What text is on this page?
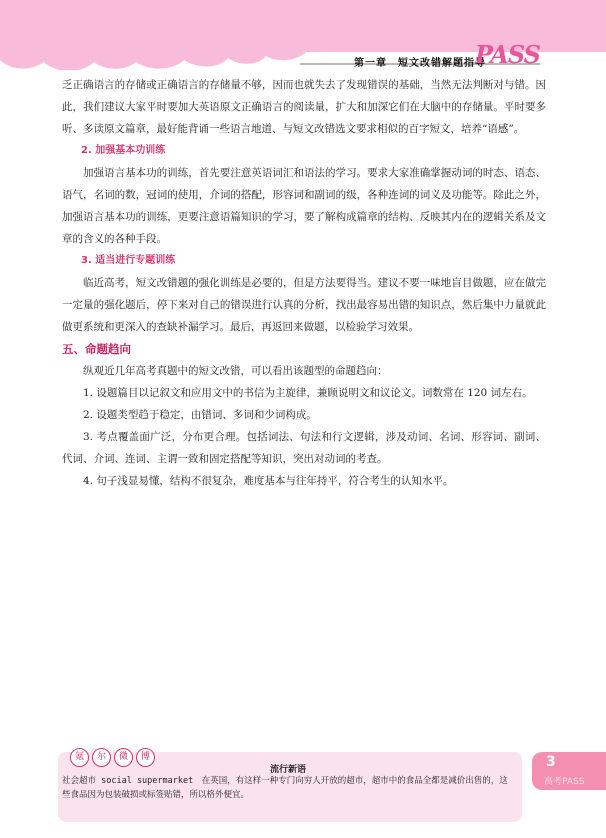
第一章　短文改错解题指导
PASS

乏正确语言的存储或正确语言的存储量不够，因而也就失去了发现错误的基础，当然无法判断对与错。因此，我们建议大家平时要加大英语原文正确语言的阅读量，扩大和加深它们在大脑中的存储量。平时要多听、多读原文篇章，最好能背诵一些语言地道、与短文改错选文要求相似的百字短文，培养“语感”。

2. 加强基本功训练

加强语言基本功的训练，首先要注意英语词汇和语法的学习。要求大家准确掌握动词的时态、语态、语气，名词的数，冠词的使用，介词的搭配，形容词和副词的级，各种连词的词义及功能等。除此之外，加强语言基本功的训练，更要注意语篇知识的学习，要了解构成篇章的结构、反映其内在的逻辑关系及文章的含义的各种手段。

3. 适当进行专题训练

临近高考，短文改错题的强化训练是必要的，但是方法要得当。建议不要一味地盲目做题，应在做完一定量的强化题后，停下来对自己的错误进行认真的分析，找出最容易出错的知识点，然后集中力量就此做更系统和更深入的查缺补漏学习。最后，再返回来做题，以检验学习效果。

五、命题趋向

纵观近几年高考真题中的短文改错，可以看出该题型的命题趋向：

1. 设题篇目以记叙文和应用文中的书信为主旋律，兼顾说明文和议论文。词数常在 120 词左右。

2. 设题类型趋于稳定，由错词、多词和少词构成。

3. 考点覆盖面广泛，分布更合理。包括词法、句法和行文逻辑，涉及动词、名词、形容词、副词、代词、介词、连词、主谓一致和固定搭配等知识，突出对动词的考查。

4. 句子浅显易懂，结构不很复杂，难度基本与往年持平，符合考生的认知水平。

氪	尔	微	博
流行新语
社会超市 social supermarket　在英国，有这样一种专门向穷人开放的超市，超市中的食品全都是减价出售的，这些食品因为包装破损或标签贴错，所以格外便宜。
3
高考PASS
